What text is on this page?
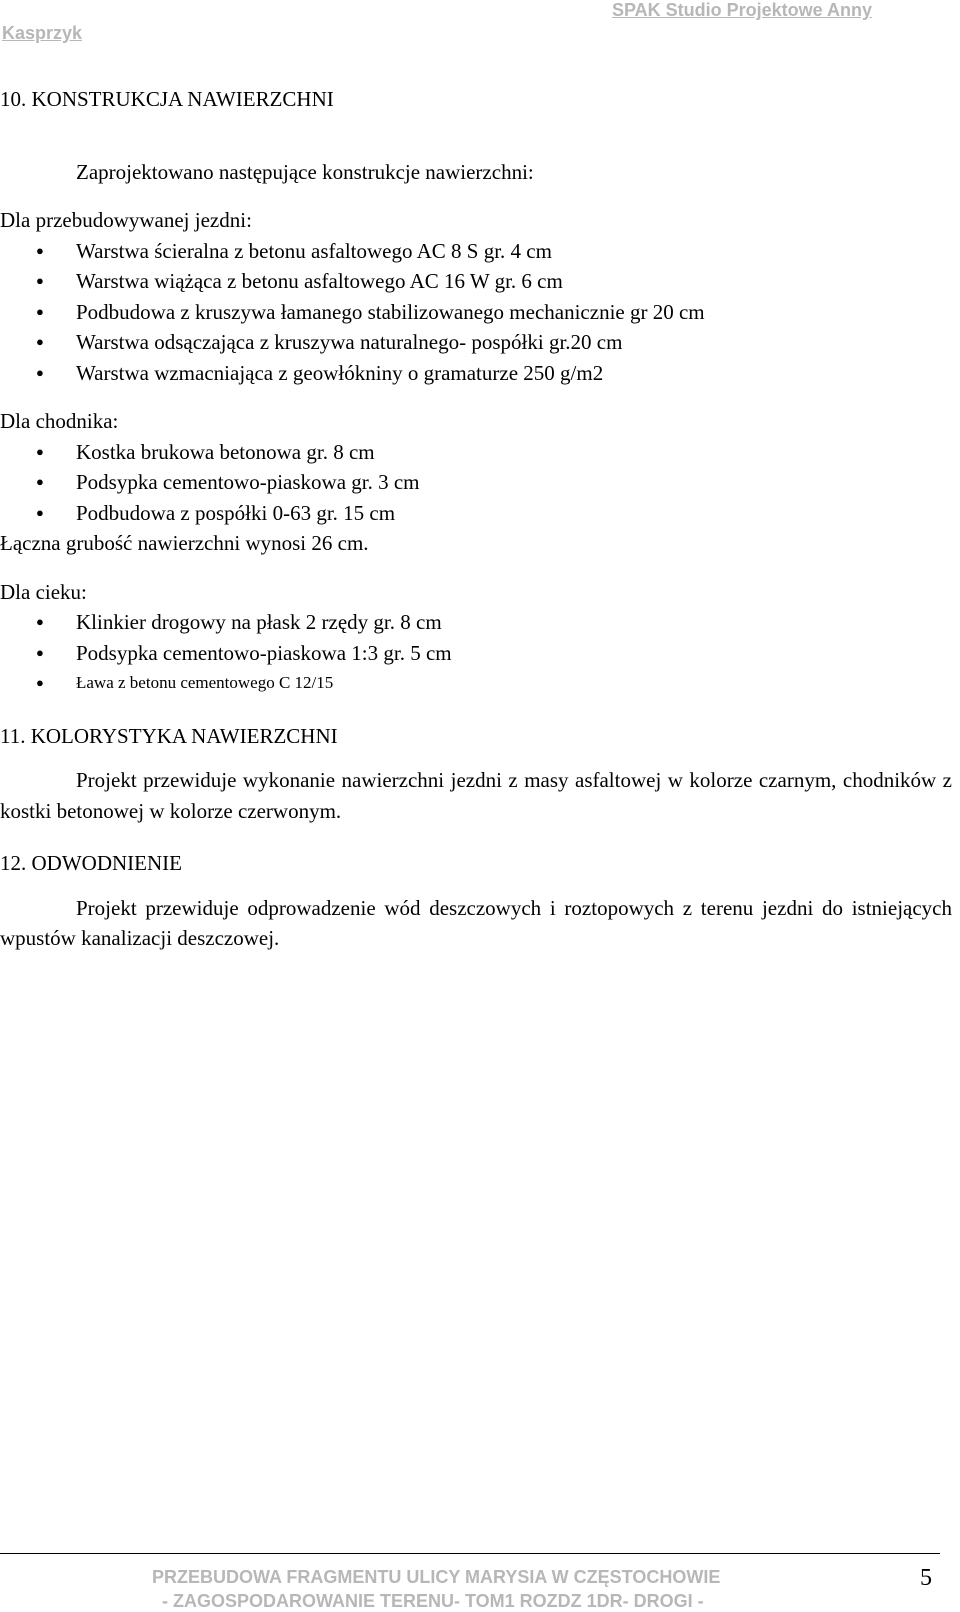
SPAK Studio Projektowe Anny
Kasprzyk
10. KONSTRUKCJA NAWIERZCHNI

Zaprojektowano następujące konstrukcje nawierzchni:

Dla przebudowywanej jezdni:

● Warstwa ścieralna z betonu asfaltowego AC 8 S gr. 4 cm
● Warstwa wiążąca z betonu asfaltowego AC 16 W gr. 6 cm
● Podbudowa z kruszywa łamanego stabilizowanego mechanicznie gr 20 cm
● Warstwa odsączająca z kruszywa naturalnego- pospółki gr.20 cm
● Warstwa wzmacniająca z geowłókniny o gramaturze 250 g/m2

Dla chodnika:

● Kostka brukowa betonowa gr. 8 cm
● Podsypka cementowo-piaskowa gr. 3 cm
● Podbudowa z pospółki 0-63 gr. 15 cm

Łączna grubość nawierzchni wynosi 26 cm.

Dla cieku:

● Klinkier drogowy na płask 2 rzędy gr. 8 cm
● Podsypka cementowo-piaskowa 1:3 gr. 5 cm
● Ława z betonu cementowego C 12/15
11. KOLORYSTYKA NAWIERZCHNI

Projekt przewiduje wykonanie nawierzchni jezdni z masy asfaltowej w kolorze czarnym, chodników z kostki betonowej w kolorze czerwonym.

12. ODWODNIENIE

Projekt przewiduje odprowadzenie wód deszczowych i roztopowych z terenu jezdni do istniejących wpustów kanalizacji deszczowej.

PRZEBUDOWA FRAGMENTU ULICY MARYSIA W CZĘSTOCHOWIE
- ZAGOSPODAROWANIE TERENU- TOM1 ROZDZ 1DR- DROGI -
5
